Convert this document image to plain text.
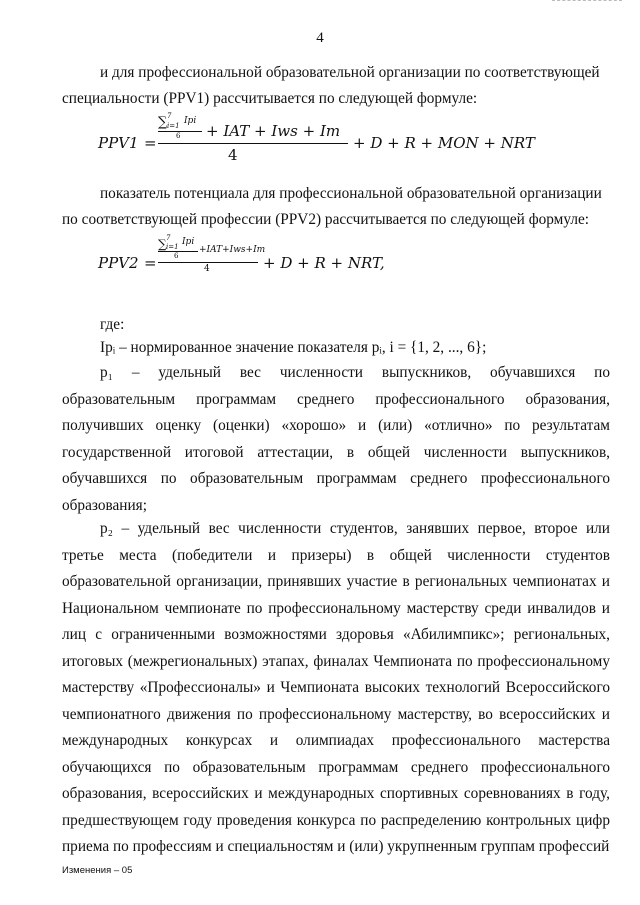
4

и для профессиональной образовательной организации по соответствующей

специальности (PPV1) рассчитывается по следующей формуле:

PPV1 =
∑ 7
i=1 Ipi
6 + IAT + Iws + Iт
4
+ D + R + MON + NRT

показатель потенциала для профессиональной образовательной организации

по соответствующей профессии (PPV2) рассчитывается по следующей формуле:

PPV2 =
∑ 7
i=1 Ipi
6
+IAT+Iws+Iт
4	+ D + R + NRT,

где:

Ipᵢ – нормированное значение показателя pᵢ, i = {1, 2, ..., 6};

p₁ – удельный вес численности выпускников, обучавшихся по образовательным программам среднего профессионального образования, получивших оценку (оценки) «хорошо» и (или) «отлично» по результатам государственной итоговой аттестации, в общей численности выпускников, обучавшихся по образовательным программам среднего профессионального образования;

p₂ – удельный вес численности студентов, занявших первое, второе или третье места (победители и призеры) в общей численности студентов образовательной организации, принявших участие в региональных чемпионатах и Национальном чемпионате по профессиональному мастерству среди инвалидов и лиц с ограниченными возможностями здоровья «Абилимпикс»; региональных, итоговых (межрегиональных) этапах, финалах Чемпионата по профессиональному мастерству «Профессионалы» и Чемпионата высоких технологий Всероссийского чемпионатного движения по профессиональному мастерству, во всероссийских и международных конкурсах и олимпиадах профессионального мастерства обучающихся по образовательным программам среднего профессионального образования, всероссийских и международных спортивных соревнованиях в году, предшествующем году проведения конкурса по распределению контрольных цифр приема по профессиям и специальностям и (или) укрупненным группам профессий

Изменения – 05
